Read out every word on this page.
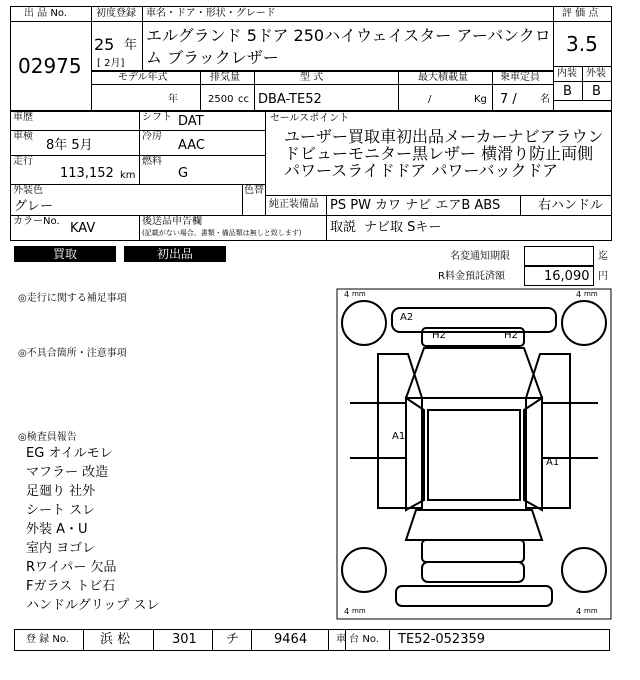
出 品 No.
02975
初度登録
25 年
[ 2月]
車名・ドア・形状・グレード
エルグランド 5ドア 250ハイウェイスター アーバンクロ
ム ブラックレザー
評 価 点
3.5
内装 外装
B B
モデル年式
年
排気量
2500 cc
型 式
DBA-TE52
最大積載量
/	Kg
乗車定員
7 / 名
車歴	シフト DAT
車検
8年 5月
冷房
AAC
走行
113,152 km
燃料
G
外装色
グレー
色替
カラーNo. KAV	後送品申告欄
(記載がない場合、書類・備品類は無しと致します)
セールスポイント
ユーザー買取車初出品メーカーナビアラウン
ドビューモニター黒レザー 横滑り防止両側
パワースライドドア パワーバックドア
純正装備品 PS PW カワ ナビ エアB ABS	右ハンドル
取説 ナビ取 Sキー
買取	初出品	名変通知期限	迄
R料金預託済額	16,090 円
◎走行に関する補足事項
◎不具合箇所・注意事項
◎検査員報告
EG オイルモレ
マフラー 改造
足廻り 社外
シート スレ
外装 A・U
室内 ヨゴレ
Rワイパー 欠品
Fガラス トビ石
ハンドルグリップ スレ
4 mm	4 mm
4 mm	4 mm
A2
H2	H2
A1
A1
登 録 No. 浜 松	301 チ	9464	車 台 No. TE52-052359
